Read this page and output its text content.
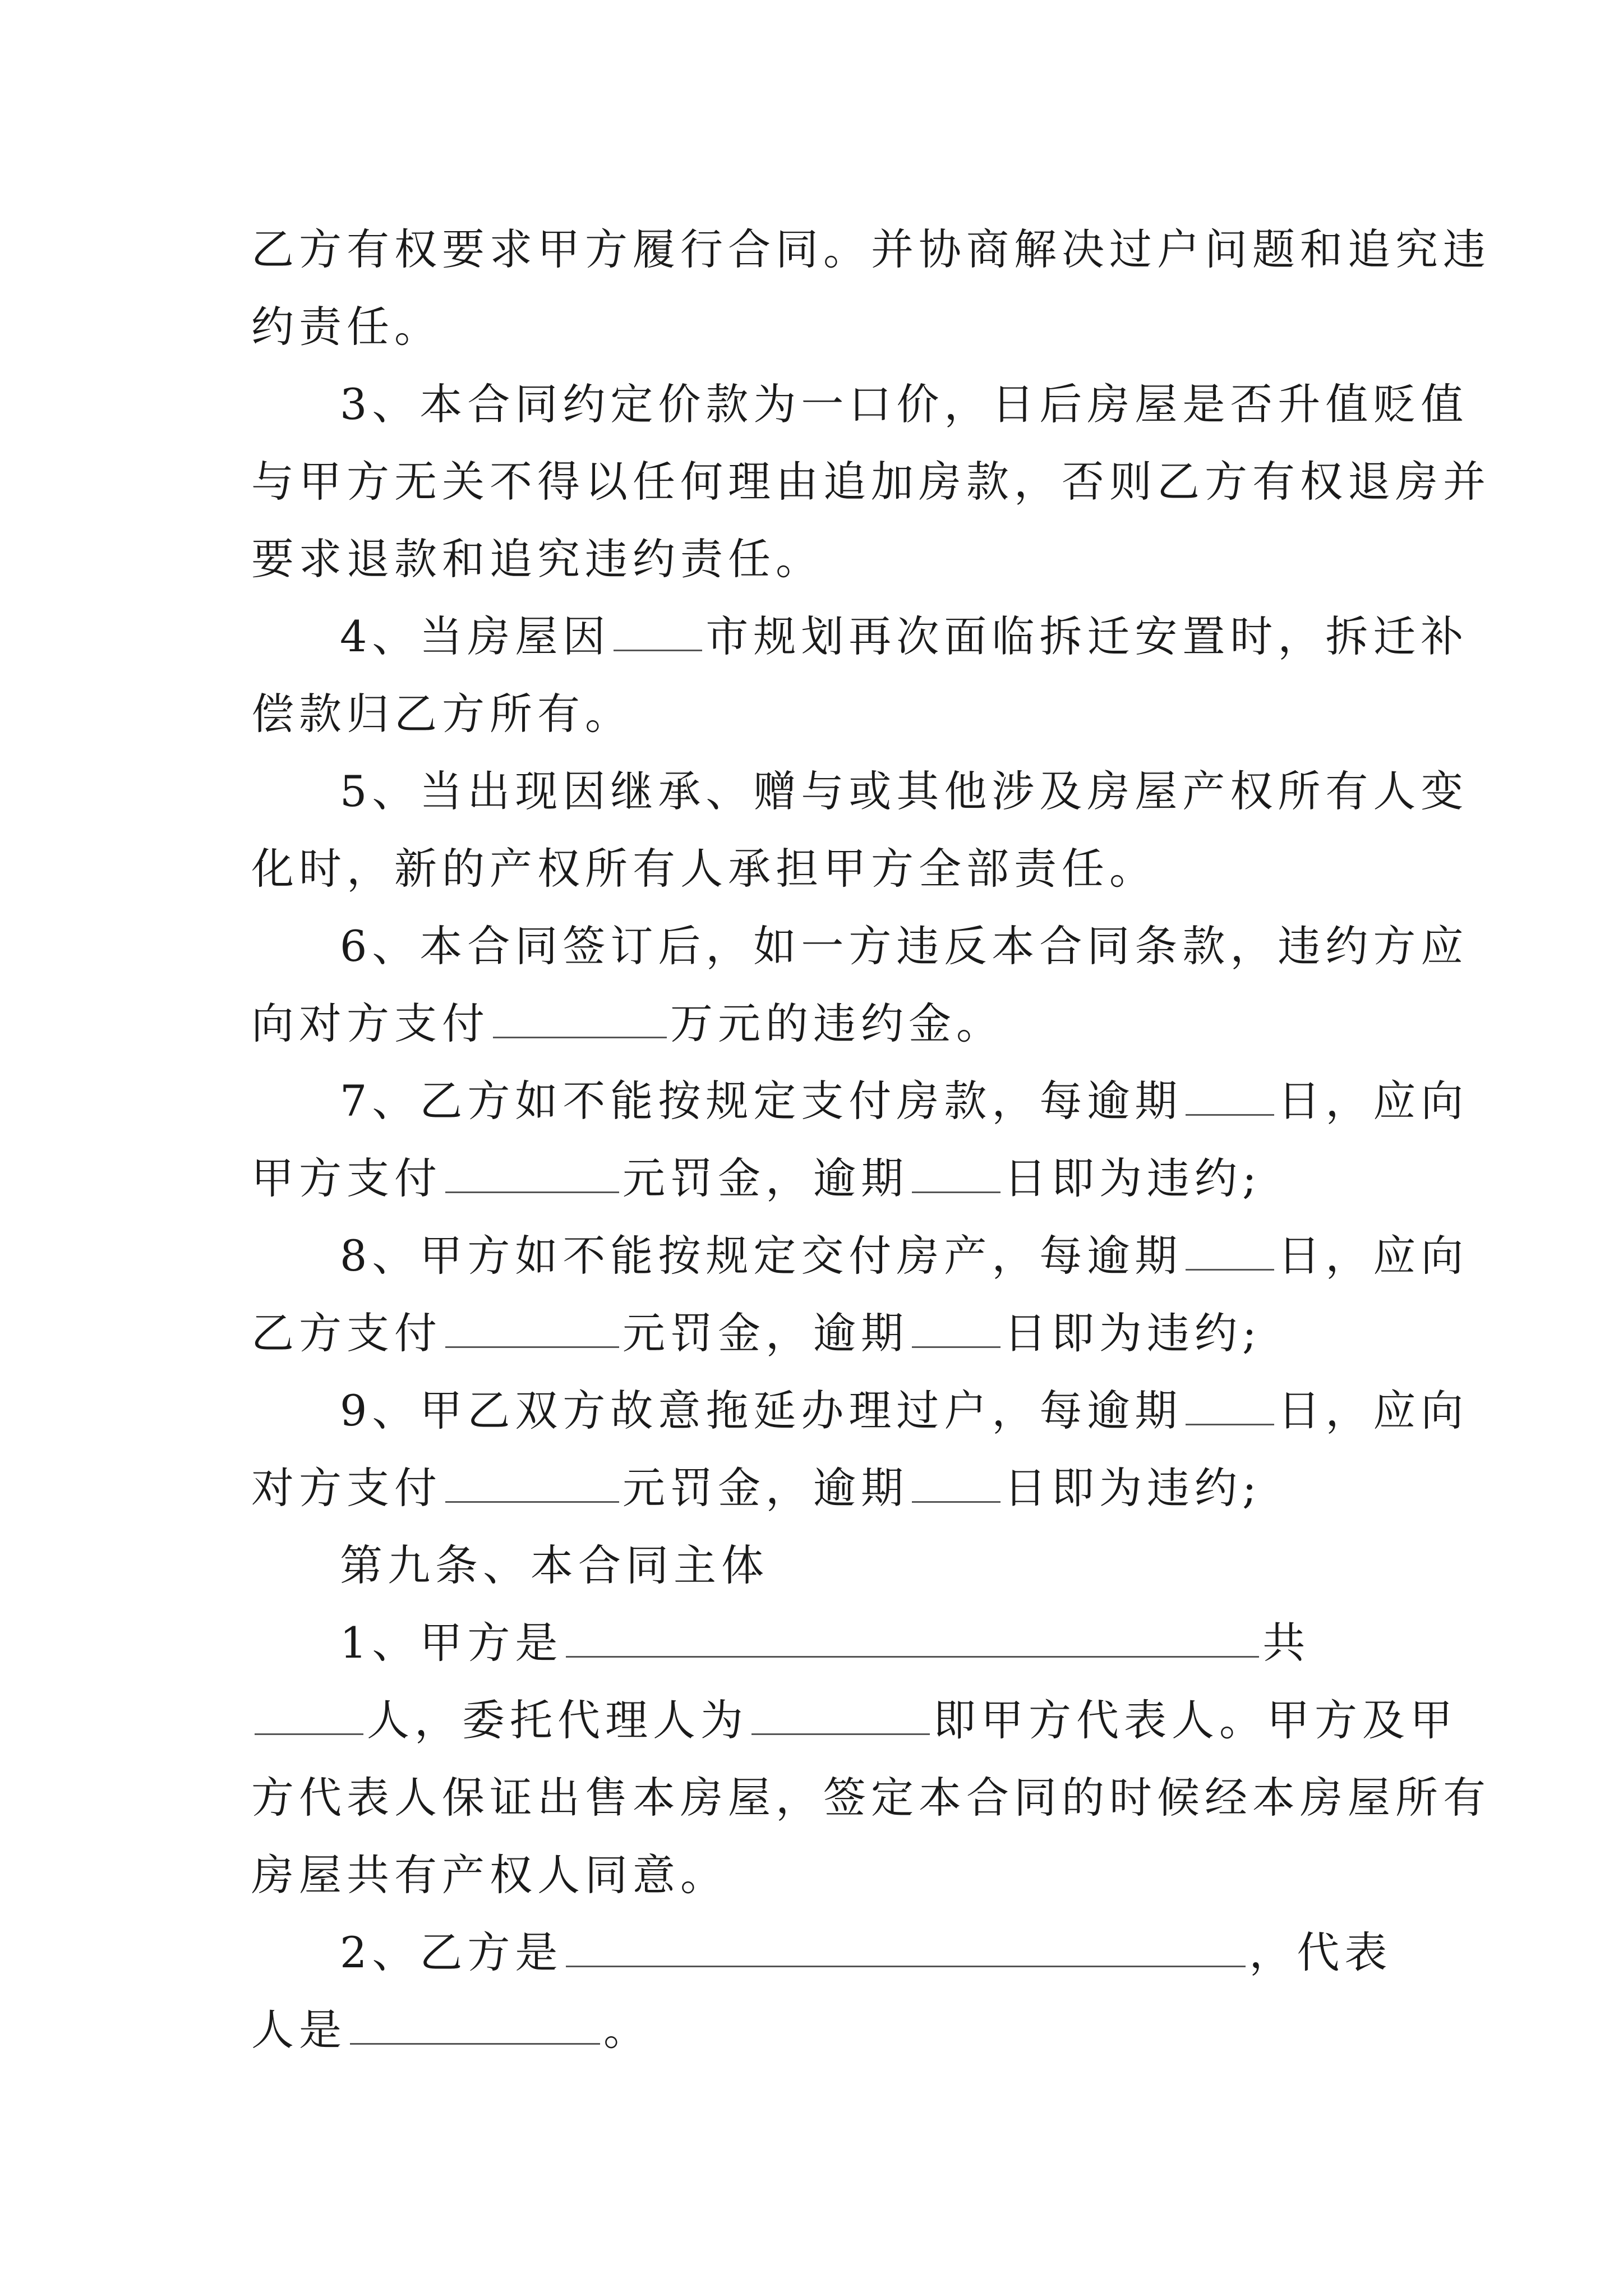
乙方有权要求甲方履行合同。并协商解决过户问题和追究违
约责任。
3、本合同约定价款为一口价，日后房屋是否升值贬值
与甲方无关不得以任何理由追加房款，否则乙方有权退房并
要求退款和追究违约责任。
4、当房屋因 市规划再次面临拆迁安置时，拆迁补
偿款归乙方所有。
5、当出现因继承、赠与或其他涉及房屋产权所有人变
化时，新的产权所有人承担甲方全部责任。
6、本合同签订后，如一方违反本合同条款，违约方应
向对方支付	万元的违约金。
7、乙方如不能按规定支付房款，每逾期 日，应向
甲方支付	元罚金，逾期 日即为违约;
8、甲方如不能按规定交付房产，每逾期 日，应向
乙方支付	元罚金，逾期 日即为违约;
9、甲乙双方故意拖延办理过户，每逾期 日，应向
对方支付	元罚金，逾期 日即为违约;
第九条、本合同主体
1、甲方是	共
人，委托代理人为	即甲方代表人。甲方及甲
方代表人保证出售本房屋，签定本合同的时候经本房屋所有
房屋共有产权人同意。
2、乙方是	，代表
人是	。
